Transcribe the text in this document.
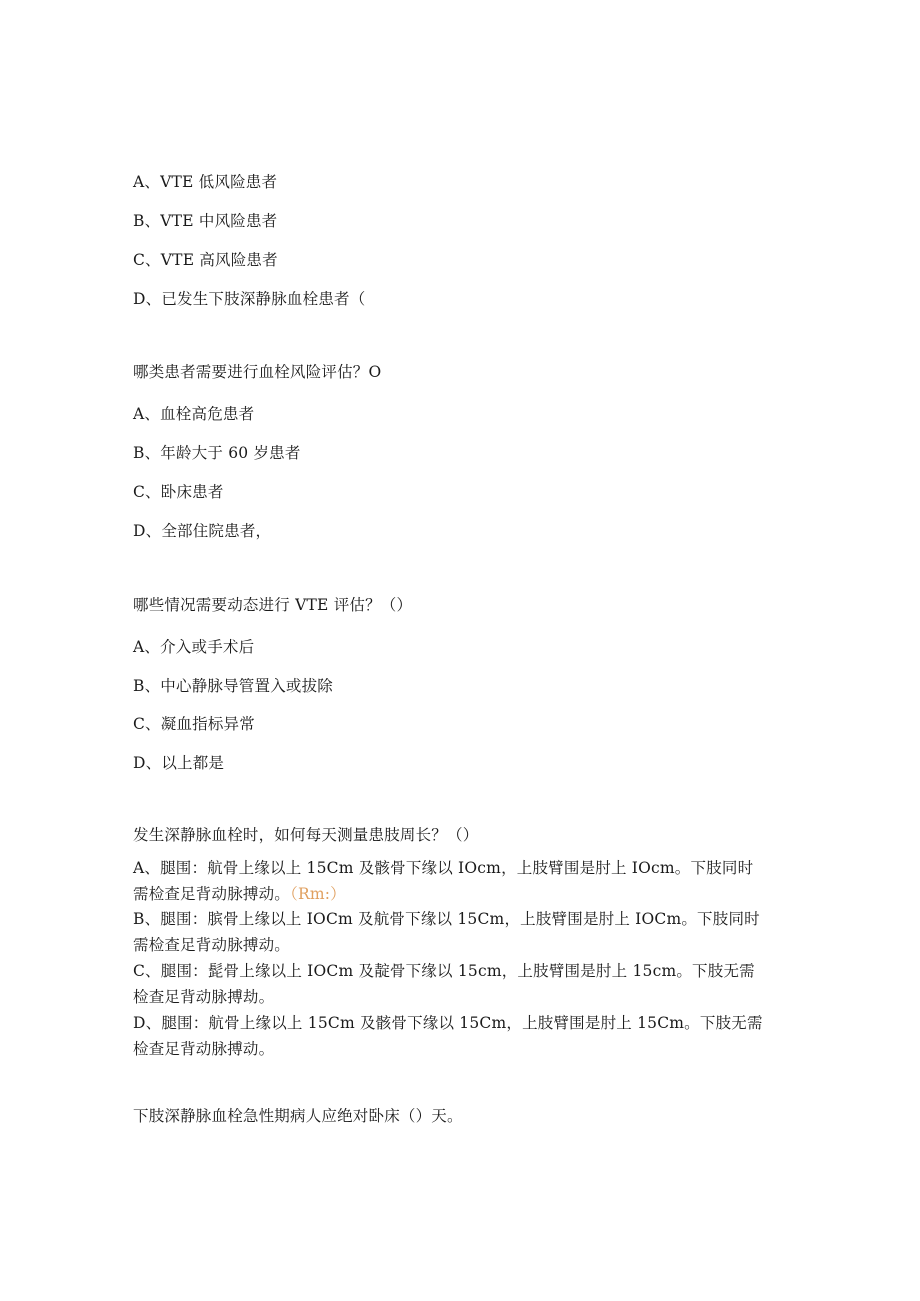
A、VTE 低风险患者
B、VTE 中风险患者
C、VTE 高风险患者
D、已发生下肢深静脉血栓患者（
哪类患者需要进行血栓风险评估？O
A、血栓高危患者
B、年龄大于 60 岁患者
C、卧床患者
D、全部住院患者，
哪些情况需要动态进行 VTE 评估？（）
A、介入或手术后
B、中心静脉导管置入或拔除
C、凝血指标异常
D、以上都是
发生深静脉血栓时，如何每天测量患肢周长？（）
A、腿围：航骨上缘以上 15Cm 及骸骨下缘以 IOcm，上肢臂围是肘上 IOcm。下肢同时
需检查足背动脉搏动。（Rm:）
B、腿围：膑骨上缘以上 IOCm 及航骨下缘以 15Cm，上肢臂围是肘上 IOCm。下肢同时
需检查足背动脉搏动。
C、腿围：髭骨上缘以上 IOCm 及靛骨下缘以 15cm，上肢臂围是肘上 15cm。下肢无需
检查足背动脉搏劫。
D、腿围：航骨上缘以上 15Cm 及骸骨下缘以 15Cm，上肢臂围是肘上 15Cm。下肢无需
检查足背动脉搏动。
下肢深静脉血栓急性期病人应绝对卧床（）天。
